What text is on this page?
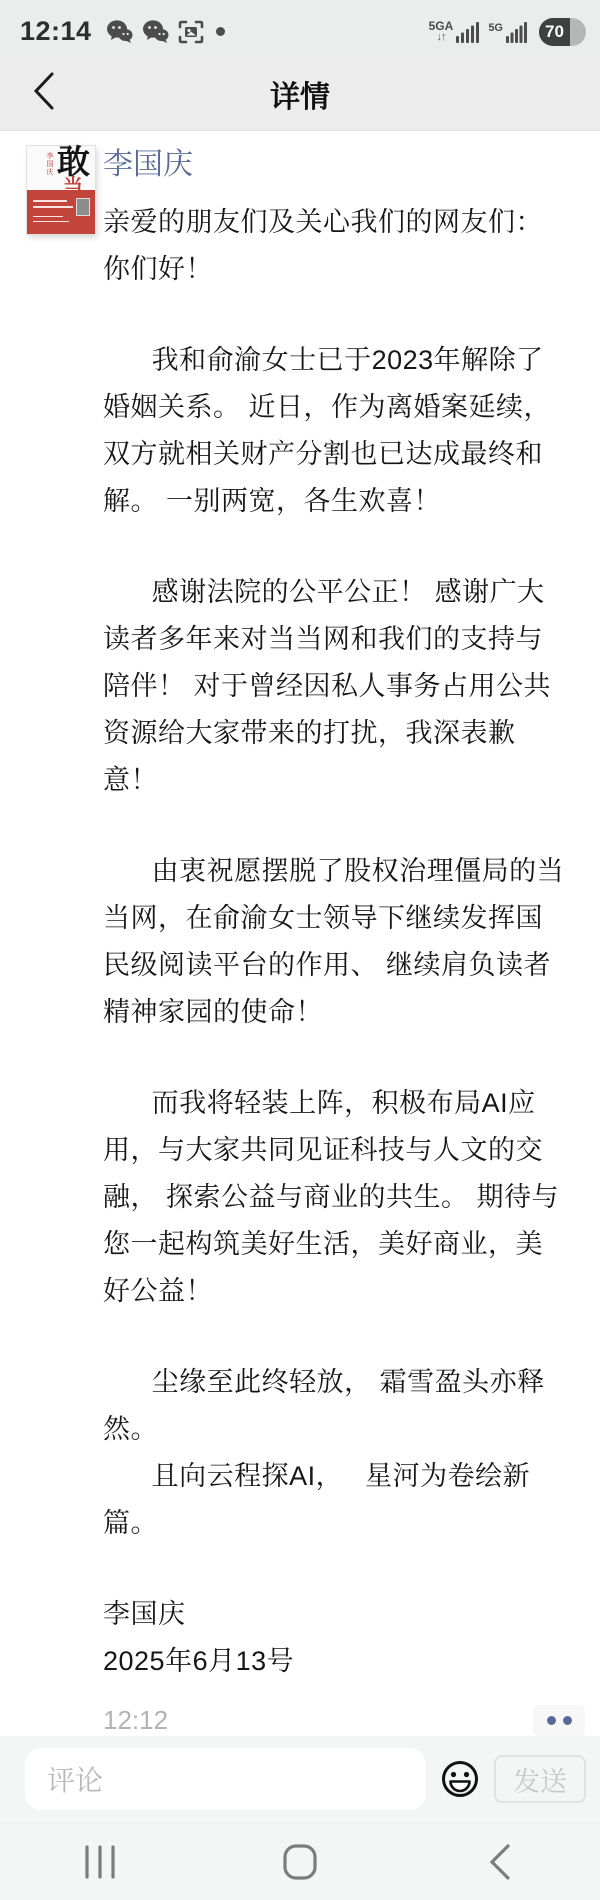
12:14	5GA
↓↑
5G	70
详情
李国庆 敢
当
李国庆

亲爱的朋友们及关心我们的网友们：

你们好！

我和俞渝女士已于2023年解除了婚姻关系。 近日，作为离婚案延续，双方就相关财产分割也已达成最终和解。 一别两宽，各生欢喜！

感谢法院的公平公正！ 感谢广大读者多年来对当当网和我们的支持与陪伴！ 对于曾经因私人事务占用公共资源给大家带来的打扰，我深表歉意！

由衷祝愿摆脱了股权治理僵局的当当网，在俞渝女士领导下继续发挥国民级阅读平台的作用、 继续肩负读者精神家园的使命！

而我将轻装上阵，积极布局AI应用，与大家共同见证科技与人文的交融， 探索公益与商业的共生。 期待与您一起构筑美好生活，美好商业，美好公益！

尘缘至此终轻放， 霜雪盈头亦释然。

且向云程探AI，　 星河为卷绘新篇。

李国庆

2025年6月13号

12:12
评论	发送
